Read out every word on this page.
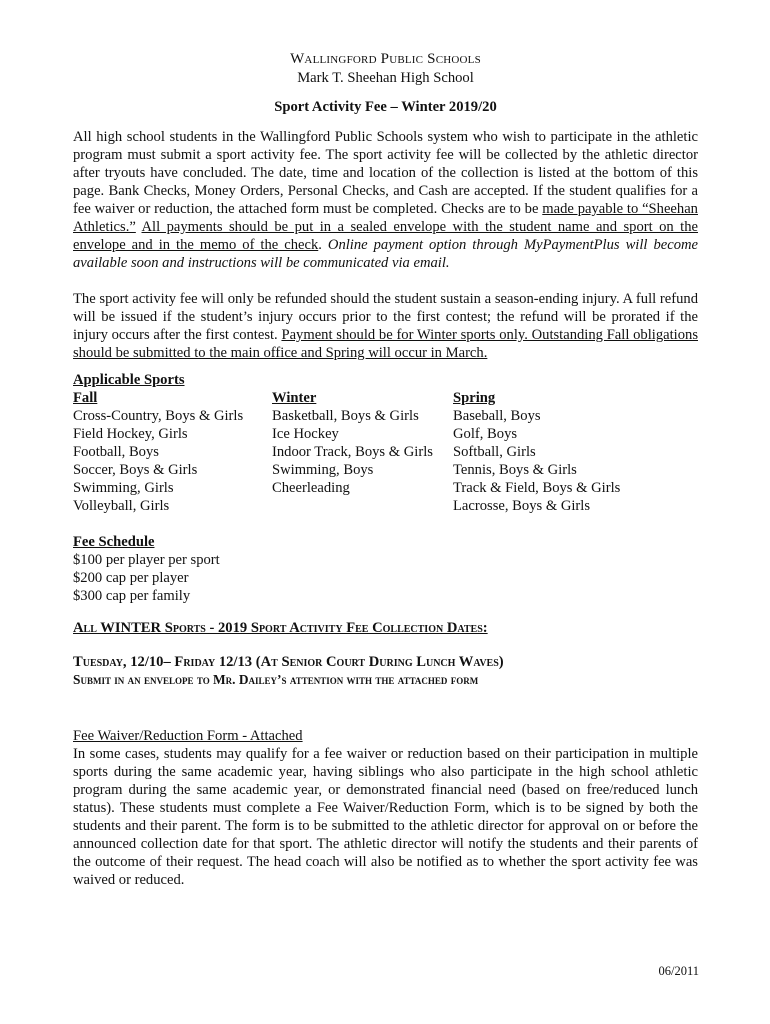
Wallingford Public Schools
Mark T. Sheehan High School
Sport Activity Fee – Winter 2019/20
All high school students in the Wallingford Public Schools system who wish to participate in the athletic program must submit a sport activity fee. The sport activity fee will be collected by the athletic director after tryouts have concluded. The date, time and location of the collection is listed at the bottom of this page. Bank Checks, Money Orders, Personal Checks, and Cash are accepted. If the student qualifies for a fee waiver or reduction, the attached form must be completed. Checks are to be made payable to “Sheehan Athletics.” All payments should be put in a sealed envelope with the student name and sport on the envelope and in the memo of the check. Online payment option through MyPaymentPlus will become available soon and instructions will be communicated via email.
The sport activity fee will only be refunded should the student sustain a season-ending injury. A full refund will be issued if the student’s injury occurs prior to the first contest; the refund will be prorated if the injury occurs after the first contest. Payment should be for Winter sports only. Outstanding Fall obligations should be submitted to the main office and Spring will occur in March.
Applicable Sports
Fall
Cross-Country, Boys & Girls
Field Hockey, Girls
Football, Boys
Soccer, Boys & Girls
Swimming, Girls
Volleyball, Girls
Winter
Basketball, Boys & Girls
Ice Hockey
Indoor Track, Boys & Girls
Swimming, Boys
Cheerleading
Spring
Baseball, Boys
Golf, Boys
Softball, Girls
Tennis, Boys & Girls
Track & Field, Boys & Girls
Lacrosse, Boys & Girls
Fee Schedule
$100 per player per sport
$200 cap per player
$300 cap per family
All WINTER Sports - 2019 Sport Activity Fee Collection Dates:
Tuesday, 12/10– Friday 12/13 (At Senior Court During Lunch Waves)
Submit in an envelope to Mr. Dailey’s attention with the attached form
Fee Waiver/Reduction Form - Attached
In some cases, students may qualify for a fee waiver or reduction based on their participation in multiple sports during the same academic year, having siblings who also participate in the high school athletic program during the same academic year, or demonstrated financial need (based on free/reduced lunch status). These students must complete a Fee Waiver/Reduction Form, which is to be signed by both the students and their parent. The form is to be submitted to the athletic director for approval on or before the announced collection date for that sport. The athletic director will notify the students and their parents of the outcome of their request. The head coach will also be notified as to whether the sport activity fee was waived or reduced.
06/2011
